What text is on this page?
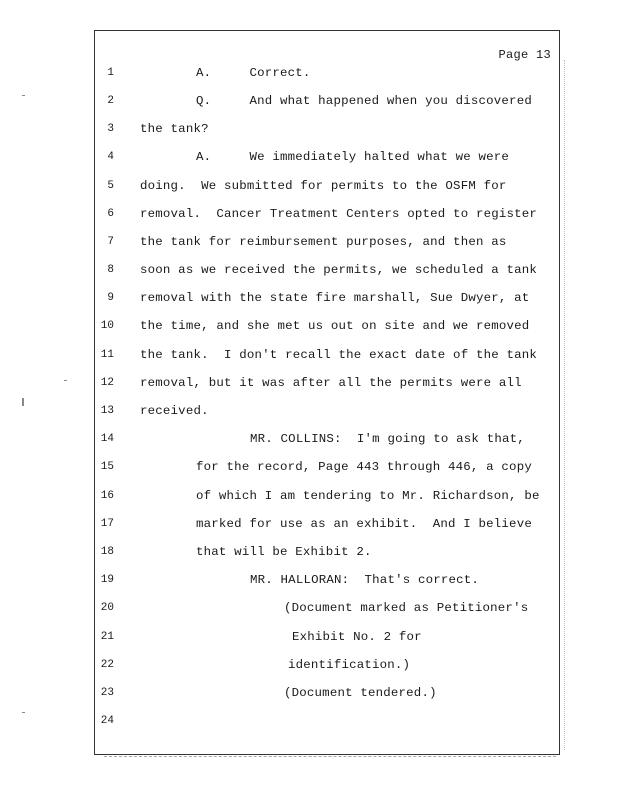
Page 13
1
2
3
4
5
6
7
8
9
10
11
12
13
14
15
16
17
18
19
20
21
22
23
24
A.     Correct.
Q.     And what happened when you discovered
the tank?
A.     We immediately halted what we were
doing.  We submitted for permits to the OSFM for
removal.  Cancer Treatment Centers opted to register
the tank for reimbursement purposes, and then as
soon as we received the permits, we scheduled a tank
removal with the state fire marshall, Sue Dwyer, at
the time, and she met us out on site and we removed
the tank.  I don't recall the exact date of the tank
removal, but it was after all the permits were all
received.
MR. COLLINS:  I'm going to ask that,
for the record, Page 443 through 446, a copy
of which I am tendering to Mr. Richardson, be
marked for use as an exhibit.  And I believe
that will be Exhibit 2.
MR. HALLORAN:  That's correct.
(Document marked as Petitioner's
Exhibit No. 2 for
identification.)
(Document tendered.)
